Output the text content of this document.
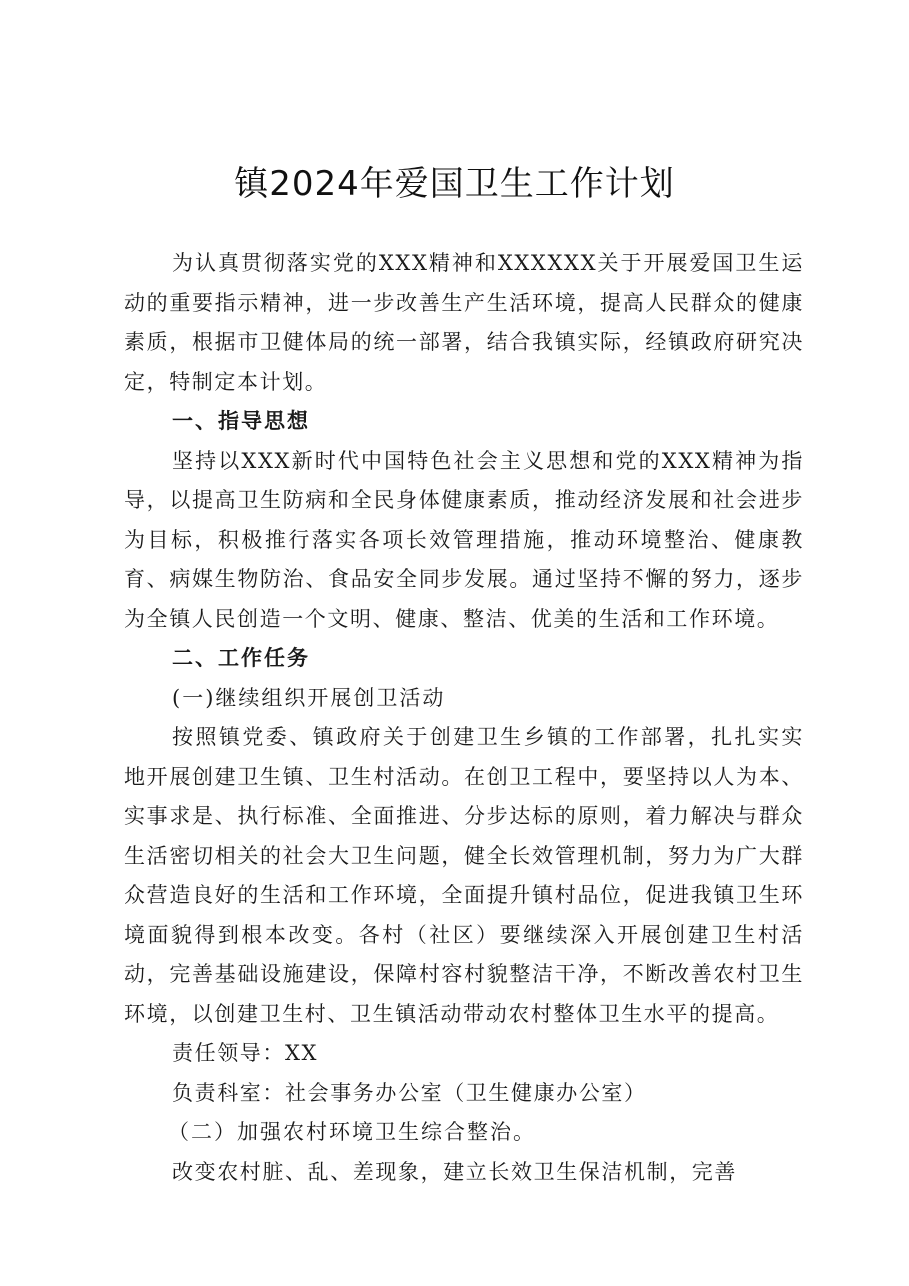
镇2024年爱国卫生工作计划

为认真贯彻落实党的XXX精神和XXXXXX关于开展爱国卫生运动的重要指示精神，进一步改善生产生活环境，提高人民群众的健康素质，根据市卫健体局的统一部署，结合我镇实际，经镇政府研究决定，特制定本计划。

一、指导思想

坚持以XXX新时代中国特色社会主义思想和党的XXX精神为指导，以提高卫生防病和全民身体健康素质，推动经济发展和社会进步为目标，积极推行落实各项长效管理措施，推动环境整治、健康教育、病媒生物防治、食品安全同步发展。通过坚持不懈的努力，逐步为全镇人民创造一个文明、健康、整洁、优美的生活和工作环境。

二、工作任务

(一)继续组织开展创卫活动

按照镇党委、镇政府关于创建卫生乡镇的工作部署，扎扎实实地开展创建卫生镇、卫生村活动。在创卫工程中，要坚持以人为本、实事求是、执行标准、全面推进、分步达标的原则，着力解决与群众生活密切相关的社会大卫生问题，健全长效管理机制，努力为广大群众营造良好的生活和工作环境，全面提升镇村品位，促进我镇卫生环境面貌得到根本改变。各村（社区）要继续深入开展创建卫生村活动，完善基础设施建设，保障村容村貌整洁干净，不断改善农村卫生环境，以创建卫生村、卫生镇活动带动农村整体卫生水平的提高。

责任领导：XX

负责科室：社会事务办公室（卫生健康办公室）

（二）加强农村环境卫生综合整治。

改变农村脏、乱、差现象，建立长效卫生保洁机制，完善
